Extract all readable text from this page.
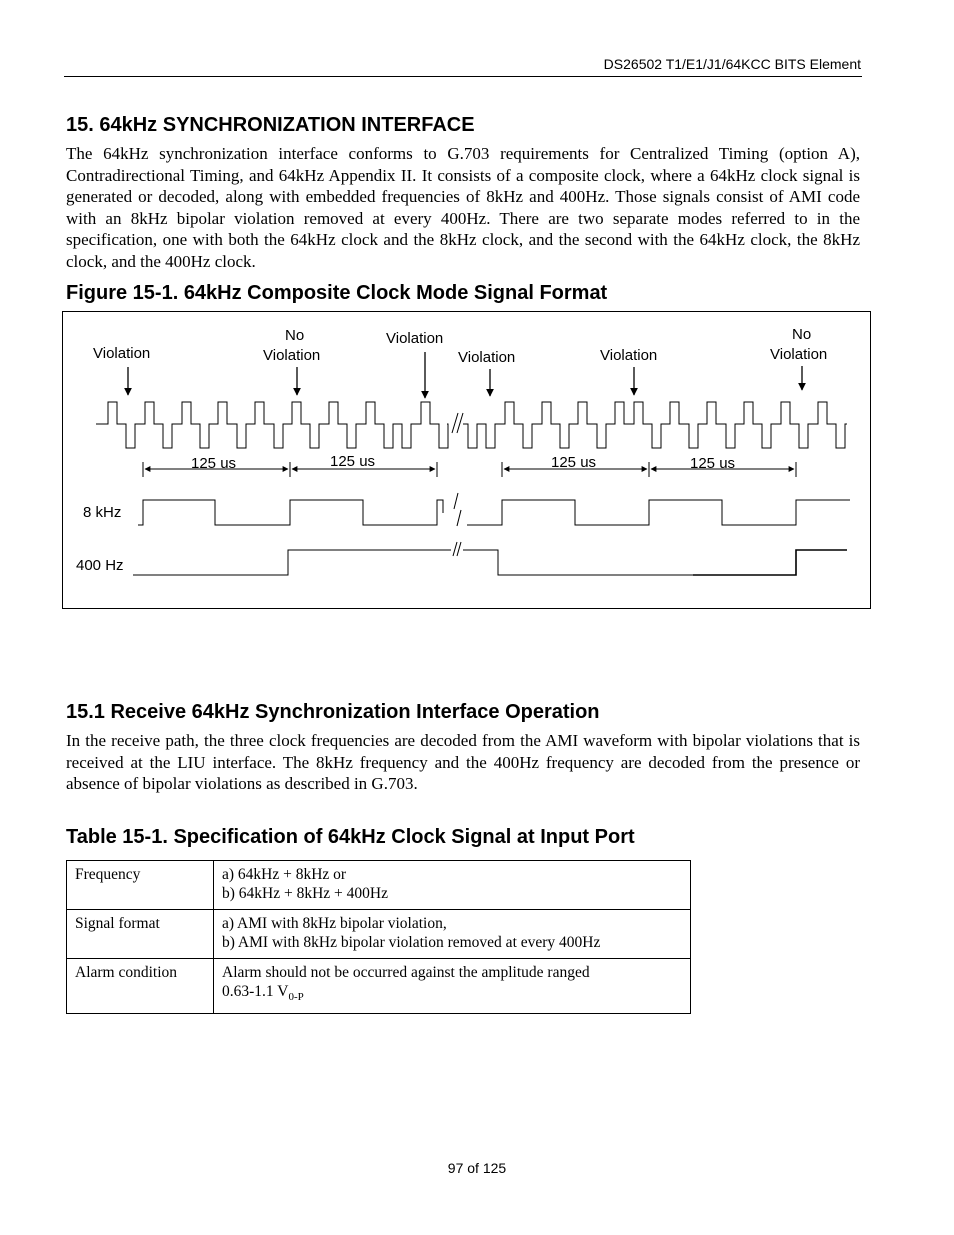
DS26502 T1/E1/J1/64KCC BITS Element
15. 64kHz SYNCHRONIZATION INTERFACE

The 64kHz synchronization interface conforms to G.703 requirements for Centralized Timing (option A), Contradirectional Timing, and 64kHz Appendix II. It consists of a composite clock, where a 64kHz clock signal is generated or decoded, along with embedded frequencies of 8kHz and 400Hz. Those signals consist of AMI code with an 8kHz bipolar violation removed at every 400Hz. There are two separate modes referred to in the specification, one with both the 64kHz clock and the 8kHz clock, and the second with the 64kHz clock, the 8kHz clock, and the 400Hz clock.

Figure 15-1. 64kHz Composite Clock Mode Signal Format
Violation
No
Violation
Violation
Violation	Violation
No
Violation
125 us	125 us	125 us	125 us
8 kHz
400 Hz
15.1 Receive 64kHz Synchronization Interface Operation

In the receive path, the three clock frequencies are decoded from the AMI waveform with bipolar violations that is received at the LIU interface. The 8kHz frequency and the 400Hz frequency are decoded from the presence or absence of bipolar violations as described in G.703.

Table 15-1. Specification of 64kHz Clock Signal at Input Port
Frequency	a) 64kHz + 8kHz or
b) 64kHz + 8kHz + 400Hz

Signal format	a) AMI with 8kHz bipolar violation,
b) AMI with 8kHz bipolar violation removed at every 400Hz

Alarm condition	Alarm should not be occurred against the amplitude ranged
0.63-1.1 $V_{0-P}$
97 of 125
